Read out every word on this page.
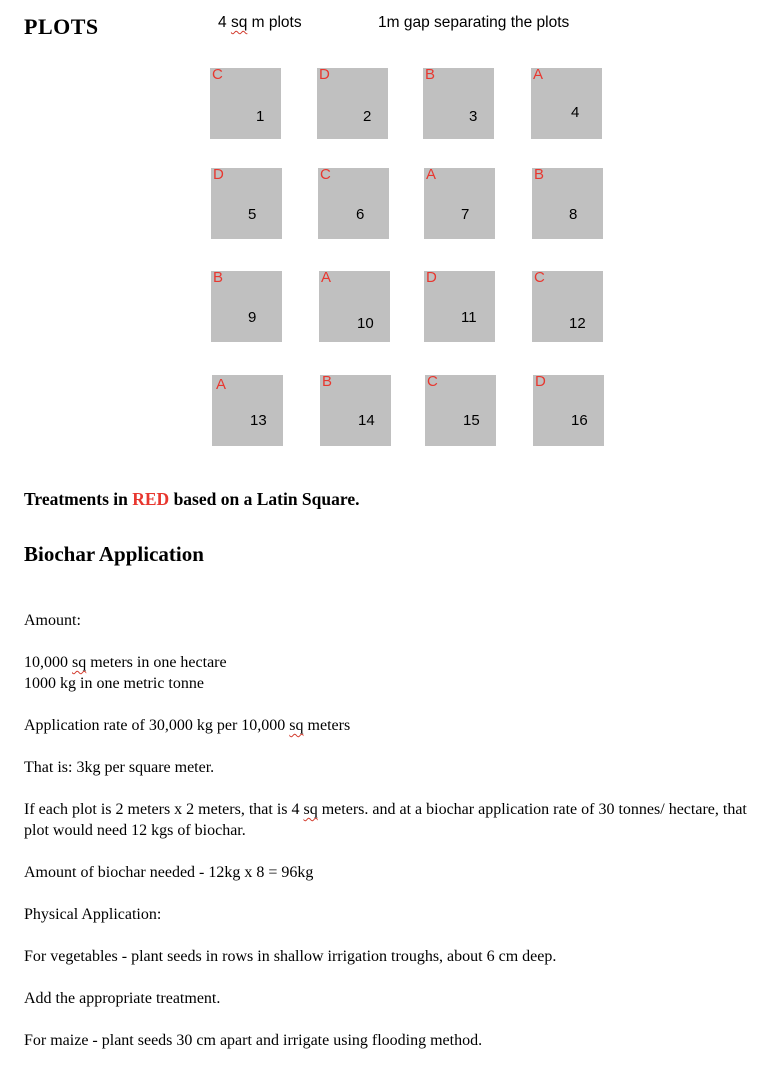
PLOTS	4 sq m plots	1m gap separating the plots
C
1
D
2
B
3
A
4
D
5
C
6
A
7
B
8
B
9
A
10
D
11
C
12
A
13
B
14
C
15
D
16
Treatments in RED based on a Latin Square.
Biochar Application
Amount:
10,000 sq meters in one hectare
1000 kg in one metric tonne
Application rate of 30,000 kg per 10,000 sq meters
That is: 3kg per square meter.
If each plot is 2 meters x 2 meters, that is 4 sq meters. and at a biochar application rate of 30 tonnes/ hectare, that plot would need 12 kgs of biochar.
Amount of biochar needed - 12kg x 8 = 96kg
Physical Application:
For vegetables - plant seeds in rows in shallow irrigation troughs, about 6 cm deep.
Add the appropriate treatment.
For maize - plant seeds 30 cm apart and irrigate using flooding method.
